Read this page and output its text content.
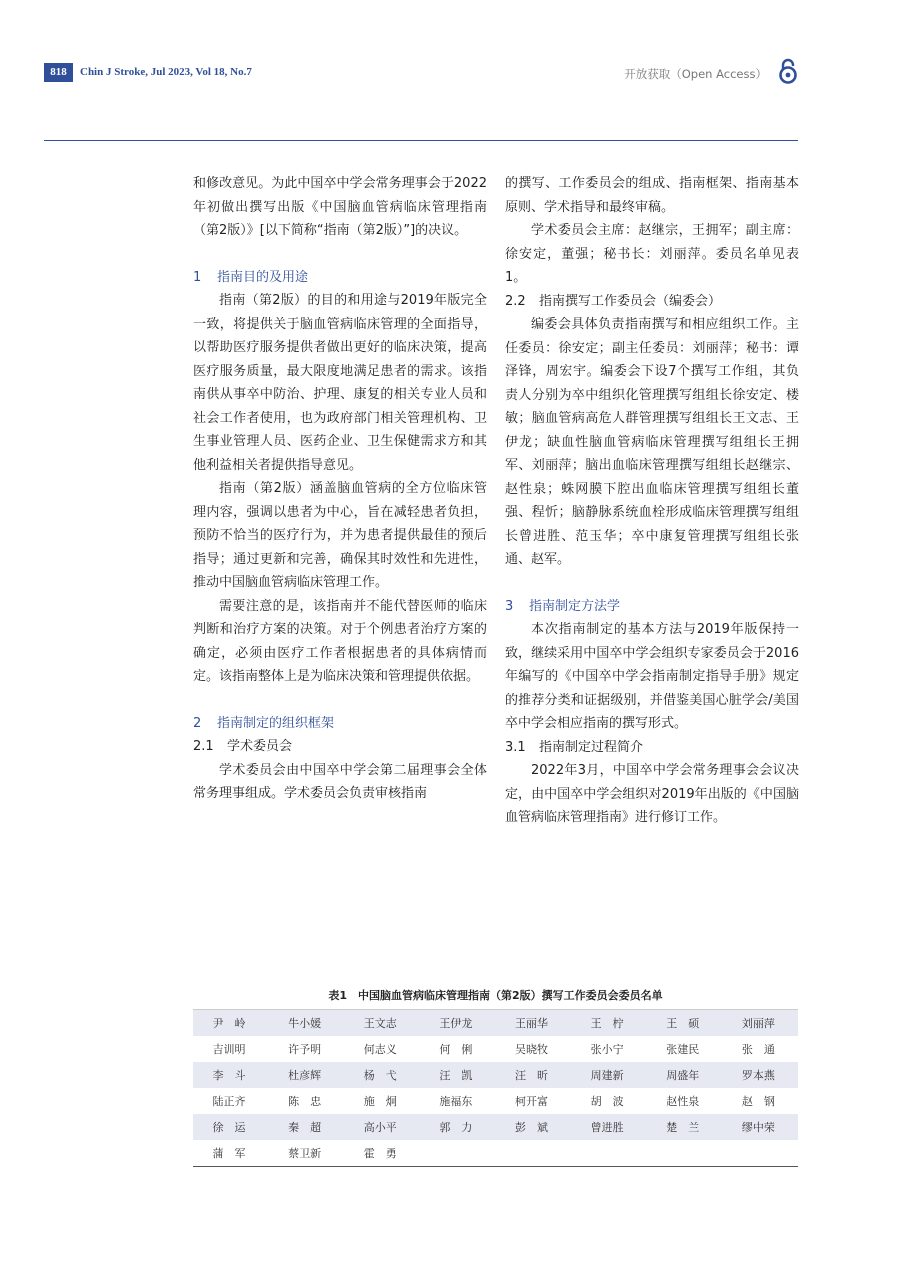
818	Chin J Stroke, Jul 2023, Vol 18, No.7	开放获取（Open Access）

和修改意见。为此中国卒中学会常务理事会于2022年初做出撰写出版《中国脑血管病临床管理指南（第2版）》[以下简称“指南（第2版）”]的决议。

1 指南目的及用途

指南（第2版）的目的和用途与2019年版完全一致，将提供关于脑血管病临床管理的全面指导，以帮助医疗服务提供者做出更好的临床决策，提高医疗服务质量，最大限度地满足患者的需求。该指南供从事卒中防治、护理、康复的相关专业人员和社会工作者使用，也为政府部门相关管理机构、卫生事业管理人员、医药企业、卫生保健需求方和其他利益相关者提供指导意见。

指南（第2版）涵盖脑血管病的全方位临床管理内容，强调以患者为中心，旨在减轻患者负担，预防不恰当的医疗行为，并为患者提供最佳的预后指导；通过更新和完善，确保其时效性和先进性，推动中国脑血管病临床管理工作。

需要注意的是，该指南并不能代替医师的临床判断和治疗方案的决策。对于个例患者治疗方案的确定，必须由医疗工作者根据患者的具体病情而定。该指南整体上是为临床决策和管理提供依据。

2 指南制定的组织框架

2.1 学术委员会

学术委员会由中国卒中学会第二届理事会全体常务理事组成。学术委员会负责审核指南

的撰写、工作委员会的组成、指南框架、指南基本原则、学术指导和最终审稿。

学术委员会主席：赵继宗，王拥军；副主席：徐安定，董强；秘书长：刘丽萍。委员名单见表1。

2.2 指南撰写工作委员会（编委会）

编委会具体负责指南撰写和相应组织工作。主任委员：徐安定；副主任委员：刘丽萍；秘书：谭泽锋，周宏宇。编委会下设7个撰写工作组，其负责人分别为卒中组织化管理撰写组组长徐安定、楼敏；脑血管病高危人群管理撰写组组长王文志、王伊龙；缺血性脑血管病临床管理撰写组组长王拥军、刘丽萍；脑出血临床管理撰写组组长赵继宗、赵性泉；蛛网膜下腔出血临床管理撰写组组长董强、程忻；脑静脉系统血栓形成临床管理撰写组组长曾进胜、范玉华；卒中康复管理撰写组组长张通、赵军。

3 指南制定方法学

本次指南制定的基本方法与2019年版保持一致，继续采用中国卒中学会组织专家委员会于2016年编写的《中国卒中学会指南制定指导手册》规定的推荐分类和证据级别，并借鉴美国心脏学会/美国卒中学会相应指南的撰写形式。

3.1 指南制定过程简介

2022年3月，中国卒中学会常务理事会会议决定，由中国卒中学会组织对2019年出版的《中国脑血管病临床管理指南》进行修订工作。

表1　中国脑血管病临床管理指南（第2版）撰写工作委员会委员名单
尹　岭	牛小媛	王文志	王伊龙	王丽华	王　柠	王　硕	刘丽萍
吉训明	许予明	何志义	何　俐	吴晓牧	张小宁	张建民	张　通
李　斗	杜彦辉	杨　弋	汪　凯	汪　昕	周建新	周盛年	罗本燕
陆正齐	陈　忠	施　炯	施福东	柯开富	胡　波	赵性泉	赵　钢
徐　运	秦　超	高小平	郭　力	彭　斌	曾进胜	楚　兰	缪中荣
蒲　军	蔡卫新	霍　勇					
